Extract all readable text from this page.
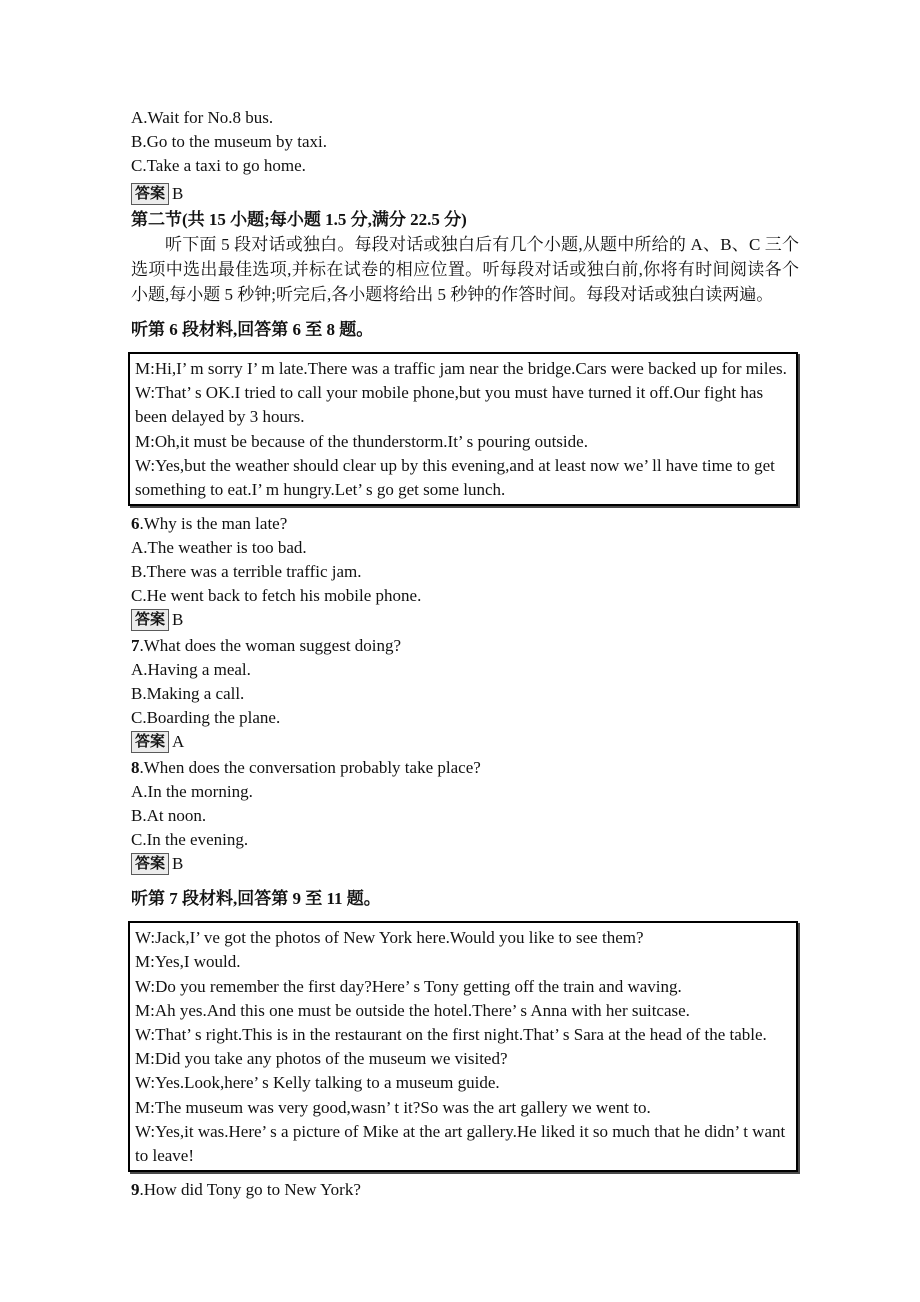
A.Wait for No.8 bus.
B.Go to the museum by taxi.
C.Take a taxi to go home.
答案 B
第二节(共 15 小题;每小题 1.5 分,满分 22.5 分)

听下面 5 段对话或独白。每段对话或独白后有几个小题,从题中所给的 A、B、C 三个选项中选出最佳选项,并标在试卷的相应位置。听每段对话或独白前,你将有时间阅读各个小题,每小题 5 秒钟;听完后,各小题将给出 5 秒钟的作答时间。每段对话或独白读两遍。

听第 6 段材料,回答第 6 至 8 题。

M:Hi,I’ m sorry I’ m late.There was a traffic jam near the bridge.Cars were backed up for miles.

W:That’ s OK.I tried to call your mobile phone,but you must have turned it off.Our fight has been delayed by 3 hours.

M:Oh,it must be because of the thunderstorm.It’ s pouring outside.

W:Yes,but the weather should clear up by this evening,and at least now we’ ll have time to get something to eat.I’ m hungry.Let’ s go get some lunch.

6.Why is the man late?
A.The weather is too bad.
B.There was a terrible traffic jam.
C.He went back to fetch his mobile phone.
答案 B
7.What does the woman suggest doing?
A.Having a meal.
B.Making a call.
C.Boarding the plane.
答案 A
8.When does the conversation probably take place?
A.In the morning.
B.At noon.
C.In the evening.
答案 B
听第 7 段材料,回答第 9 至 11 题。

W:Jack,I’ ve got the photos of New York here.Would you like to see them?

M:Yes,I would.

W:Do you remember the first day?Here’ s Tony getting off the train and waving.

M:Ah yes.And this one must be outside the hotel.There’ s Anna with her suitcase.

W:That’ s right.This is in the restaurant on the first night.That’ s Sara at the head of the table.

M:Did you take any photos of the museum we visited?

W:Yes.Look,here’ s Kelly talking to a museum guide.

M:The museum was very good,wasn’ t it?So was the art gallery we went to.

W:Yes,it was.Here’ s a picture of Mike at the art gallery.He liked it so much that he didn’ t want to leave!

9.How did Tony go to New York?
